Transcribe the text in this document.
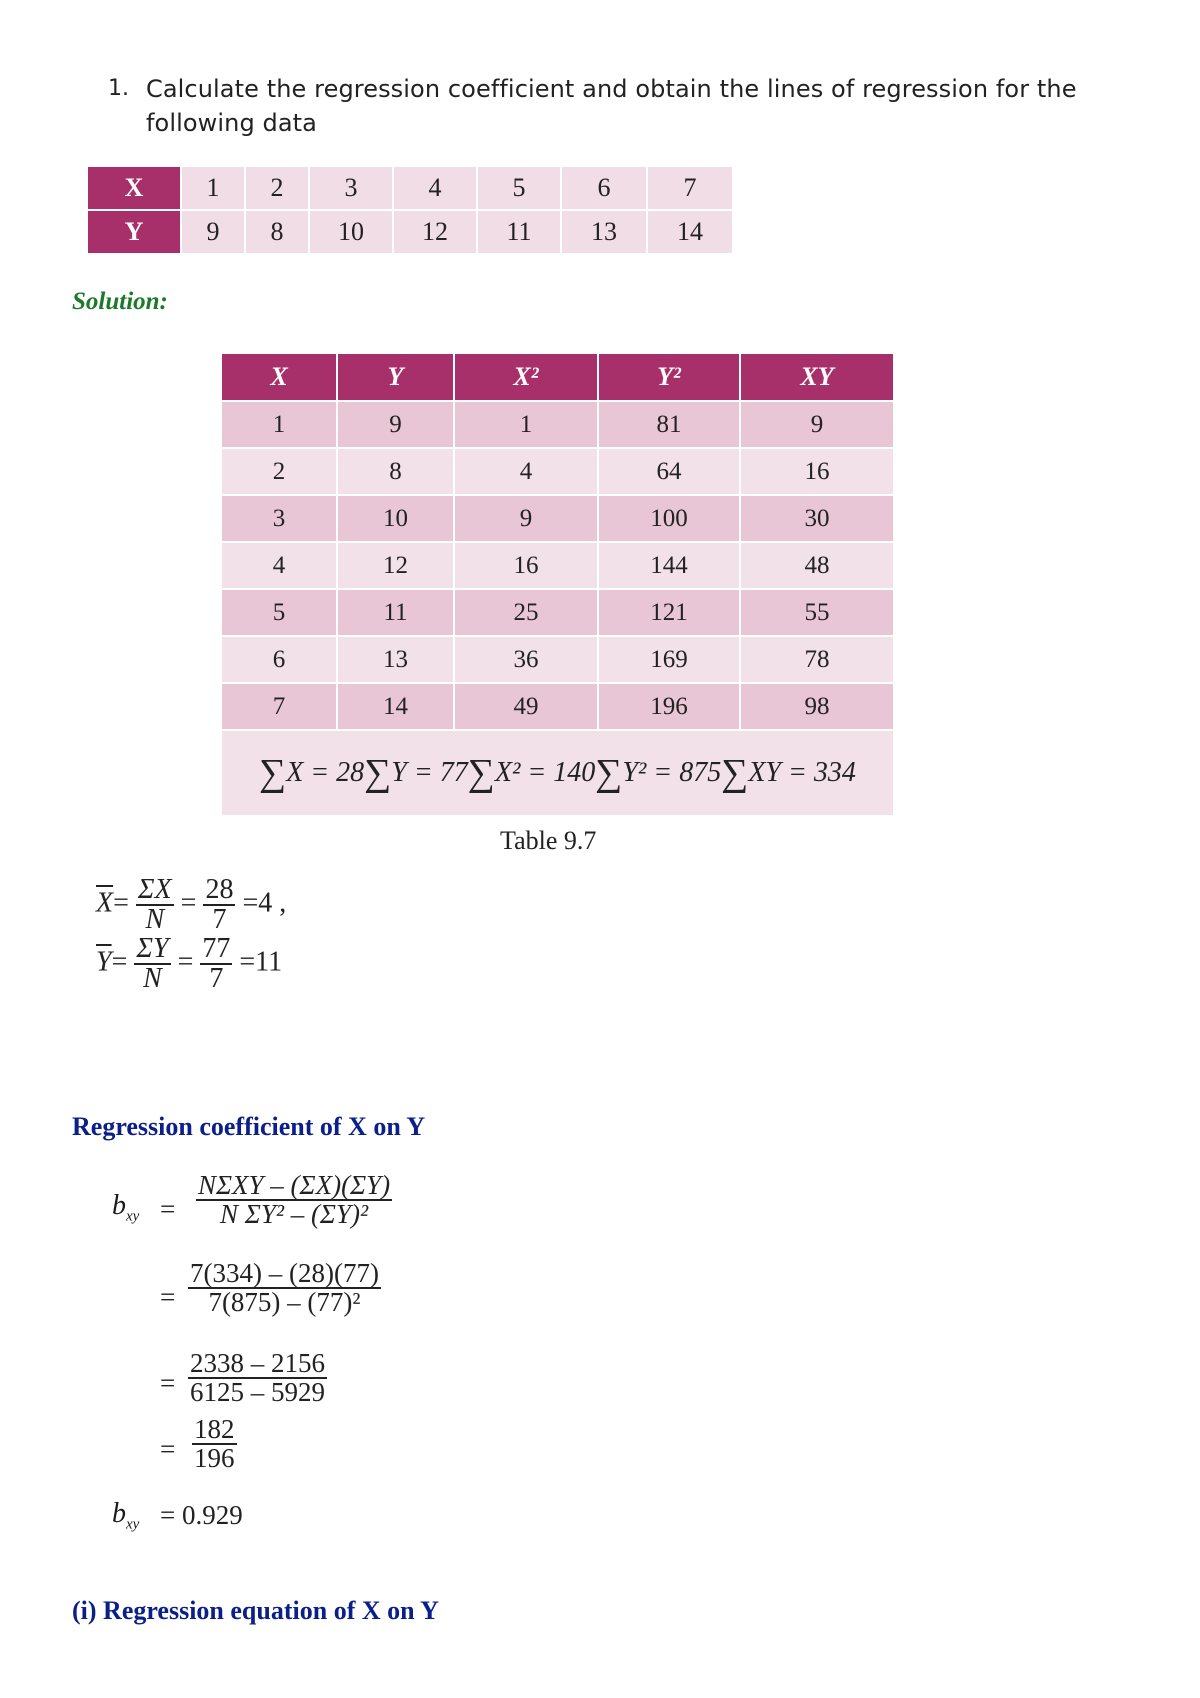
1. Calculate the regression coefficient and obtain the lines of regression for the following data
X	1	2	3	4	5	6	7
Y	9	8	10	12	11	13	14
Solution:
X	Y	X²	Y²	XY
1	9	1	81	9
2	8	4	64	16
3	10	9	100	30
4	12	16	144	48
5	11	25	121	55
6	13	36	169	78
7	14	49	196	98
∑X = 28∑Y = 77∑X² = 140∑Y² = 875∑XY = 334				
Table 9.7
$\overline{X}= \frac{\Sigma X}{N} = \frac{28}{7} =4$ ,
$\overline{Y}= \frac{\Sigma Y}{N} = \frac{77}{7} =11$
Regression coefficient of X on Y
$b_{xy} = \frac{\text{NΣXY – (ΣX)(ΣY)}}{\text{N ΣY² – (ΣY)²}}$
= $\frac{7(334) - (28)(77)}{\text{7(875) – (77)²}}$
= $\frac{2338 - 2156}{6125 - 5929}$
= $\frac{182}{196}$
$b_{xy} = 0.929$
(i) Regression equation of X on Y
